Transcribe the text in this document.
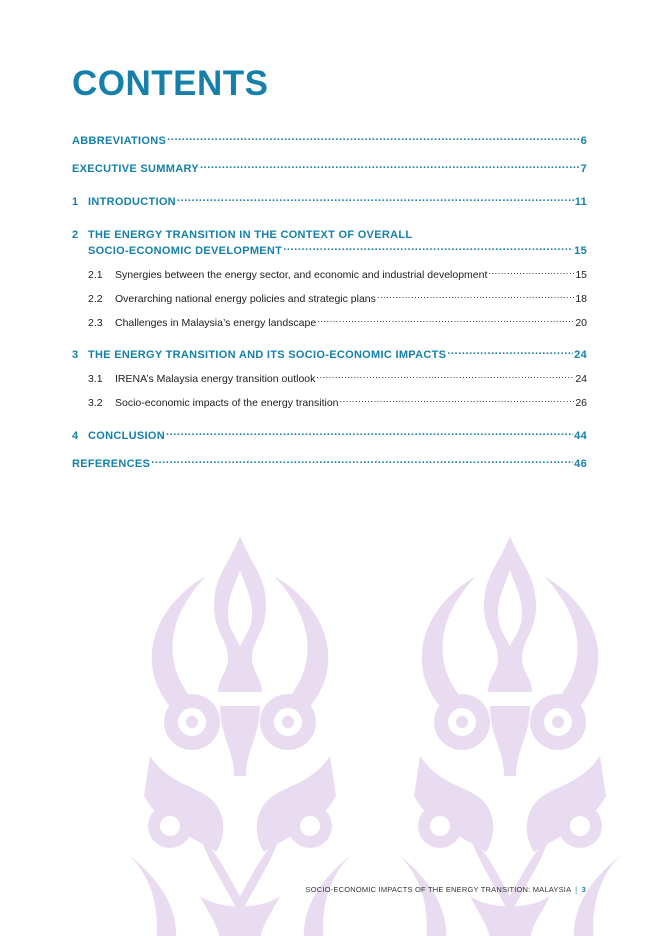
CONTENTS
ABBREVIATIONS .....	6
EXECUTIVE SUMMARY .....	7
1 INTRODUCTION .....	11
2 THE ENERGY TRANSITION IN THE CONTEXT OF OVERALL
SOCIO-ECONOMIC DEVELOPMENT .....	15
2.1	Synergies between the energy sector, and economic and industrial development .....	15
2.2	Overarching national energy policies and strategic plans .....	18
2.3	Challenges in Malaysia’s energy landscape .....	20
3 THE ENERGY TRANSITION AND ITS SOCIO-ECONOMIC IMPACTS .....	24
3.1	IRENA’s Malaysia energy transition outlook .....	24
3.2	Socio-economic impacts of the energy transition .....	26
4 CONCLUSION .....	44
REFERENCES .....	46
SOCIO-ECONOMIC IMPACTS OF THE ENERGY TRANSITION: MALAYSIA | 3
